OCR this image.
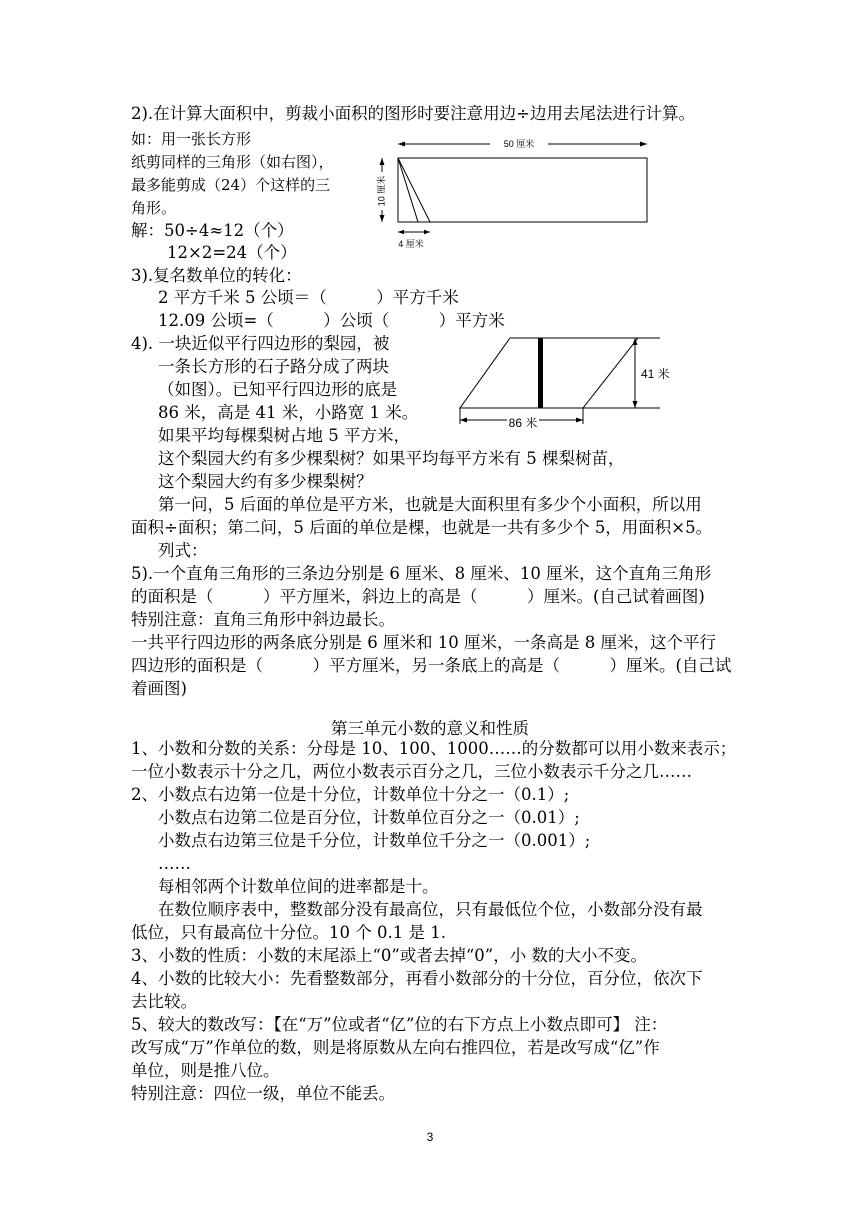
2).在计算大面积中，剪裁小面积的图形时要注意用边÷边用去尾法进行计算。
如：用一张长方形
纸剪同样的三角形（如右图），
最多能剪成（24）个这样的三
角形。
解：50÷4≈12（个）
12×2=24（个）
50 厘米
10 厘米
4 厘米
3).复名数单位的转化：
2 平方千米 5 公顷＝（　　　）平方千米
12.09 公顷=（　　　）公顷（　　　）平方米
4). 一块近似平行四边形的梨园，被
一条长方形的石子路分成了两块
（如图）。已知平行四边形的底是
86 米，高是 41 米，小路宽 1 米。
如果平均每棵梨树占地 5 平方米，
这个梨园大约有多少棵梨树？如果平均每平方米有 5 棵梨树苗，
这个梨园大约有多少棵梨树？
第一问，5 后面的单位是平方米，也就是大面积里有多少个小面积，所以用
面积÷面积；第二问，5 后面的单位是棵，也就是一共有多少个 5，用面积×5。
列式：
41 米
86 米
5).一个直角三角形的三条边分别是 6 厘米、8 厘米、10 厘米，这个直角三角形
的面积是（　　　）平方厘米，斜边上的高是（　　　）厘米。(自己试着画图)
特别注意：直角三角形中斜边最长。
一共平行四边形的两条底分别是 6 厘米和 10 厘米，一条高是 8 厘米，这个平行
四边形的面积是（　　　）平方厘米，另一条底上的高是（　　　）厘米。(自己试
着画图)
第三单元小数的意义和性质
1、小数和分数的关系：分母是 10、100、1000……的分数都可以用小数来表示；
一位小数表示十分之几，两位小数表示百分之几，三位小数表示千分之几……
2、小数点右边第一位是十分位，计数单位十分之一（0.1）;
小数点右边第二位是百分位，计数单位百分之一（0.01）;
小数点右边第三位是千分位，计数单位千分之一（0.001）;
……
每相邻两个计数单位间的进率都是十。
在数位顺序表中，整数部分没有最高位，只有最低位个位，小数部分没有最
低位，只有最高位十分位。10 个 0.1 是 1.
3、小数的性质：小数的末尾添上“0”或者去掉“0”，小 数的大小不变。
4、小数的比较大小：先看整数部分，再看小数部分的十分位，百分位，依次下
去比较。
5、较大的数改写：【在“万”位或者“亿”位的右下方点上小数点即可】 注：
改写成“万”作单位的数，则是将原数从左向右推四位，若是改写成“亿”作
单位，则是推八位。
特别注意：四位一级，单位不能丢。
3
